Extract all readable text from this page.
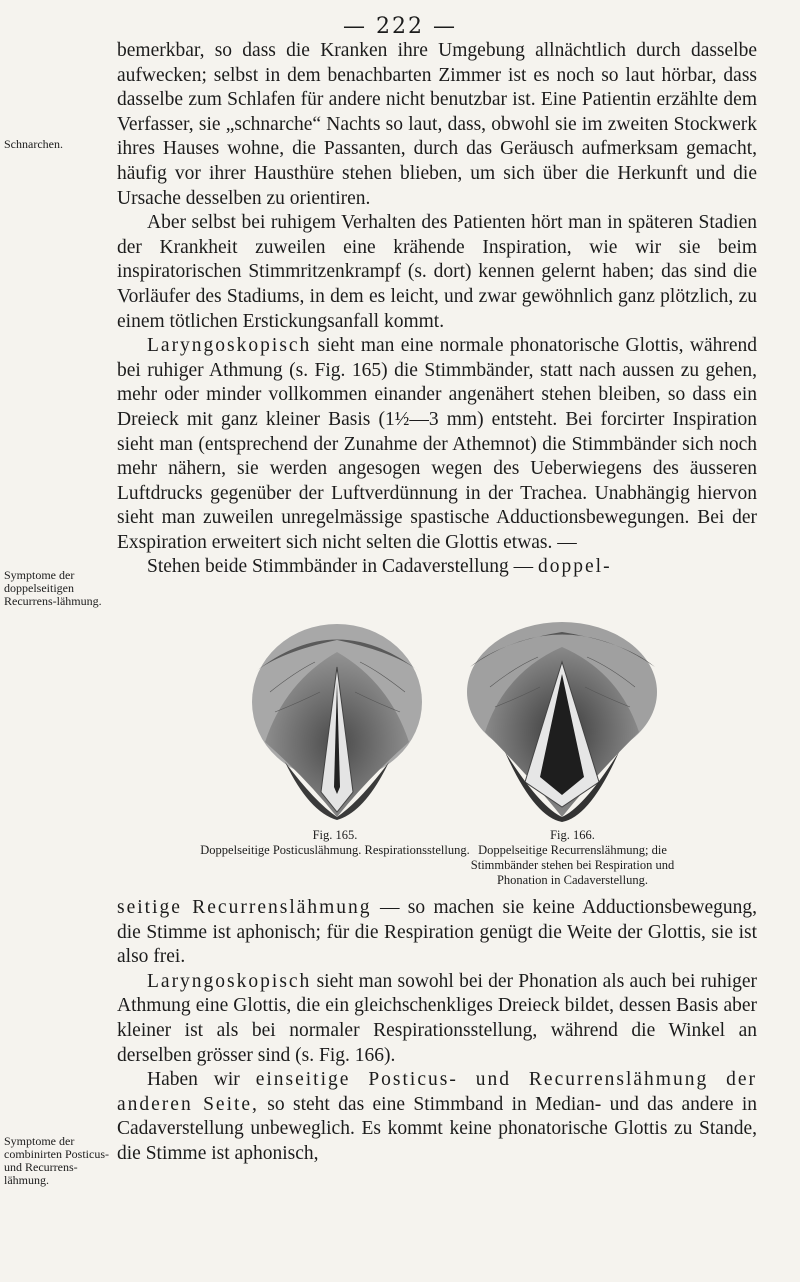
— 222 —
Schnarchen.
Symptome der doppelseitigen Recurrens-lähmung.
Symptome der combinirten Posticus- und Recurrens-lähmung.

bemerkbar, so dass die Kranken ihre Umgebung allnächtlich durch dasselbe aufwecken; selbst in dem benachbarten Zimmer ist es noch so laut hörbar, dass dasselbe zum Schlafen für andere nicht benutzbar ist. Eine Patientin erzählte dem Verfasser, sie „schnarche“ Nachts so laut, dass, obwohl sie im zweiten Stockwerk ihres Hauses wohne, die Passanten, durch das Geräusch aufmerksam gemacht, häufig vor ihrer Hausthüre stehen blieben, um sich über die Herkunft und die Ursache desselben zu orientiren.

Aber selbst bei ruhigem Verhalten des Patienten hört man in späteren Stadien der Krankheit zuweilen eine krähende Inspiration, wie wir sie beim inspiratorischen Stimmritzenkrampf (s. dort) kennen gelernt haben; das sind die Vorläufer des Stadiums, in dem es leicht, und zwar gewöhnlich ganz plötzlich, zu einem tötlichen Erstickungsanfall kommt.

Laryngoskopisch sieht man eine normale phonatorische Glottis, während bei ruhiger Athmung (s. Fig. 165) die Stimmbänder, statt nach aussen zu gehen, mehr oder minder vollkommen einander angenähert stehen bleiben, so dass ein Dreieck mit ganz kleiner Basis (1½—3 mm) entsteht. Bei forcirter Inspiration sieht man (entsprechend der Zunahme der Athemnot) die Stimmbänder sich noch mehr nähern, sie werden angesogen wegen des Ueberwiegens des äusseren Luftdrucks gegenüber der Luftverdünnung in der Trachea. Unabhängig hiervon sieht man zuweilen unregelmässige spastische Adductionsbewegungen. Bei der Exspiration erweitert sich nicht selten die Glottis etwas. —

Stehen beide Stimmbänder in Cadaverstellung — doppel-

Fig. 165.
Doppelseitige Posticuslähmung. Respirationsstellung.
Fig. 166.
Doppelseitige Recurrenslähmung; die Stimmbänder stehen bei Respiration und Phonation in Cadaverstellung.

seitige Recurrenslähmung — so machen sie keine Adductionsbewegung, die Stimme ist aphonisch; für die Respiration genügt die Weite der Glottis, sie ist also frei.

Laryngoskopisch sieht man sowohl bei der Phonation als auch bei ruhiger Athmung eine Glottis, die ein gleichschenkliges Dreieck bildet, dessen Basis aber kleiner ist als bei normaler Respirationsstellung, während die Winkel an derselben grösser sind (s. Fig. 166).

Haben wir einseitige Posticus- und Recurrenslähmung der anderen Seite, so steht das eine Stimmband in Median- und das andere in Cadaverstellung unbeweglich. Es kommt keine phonatorische Glottis zu Stande, die Stimme ist aphonisch,
